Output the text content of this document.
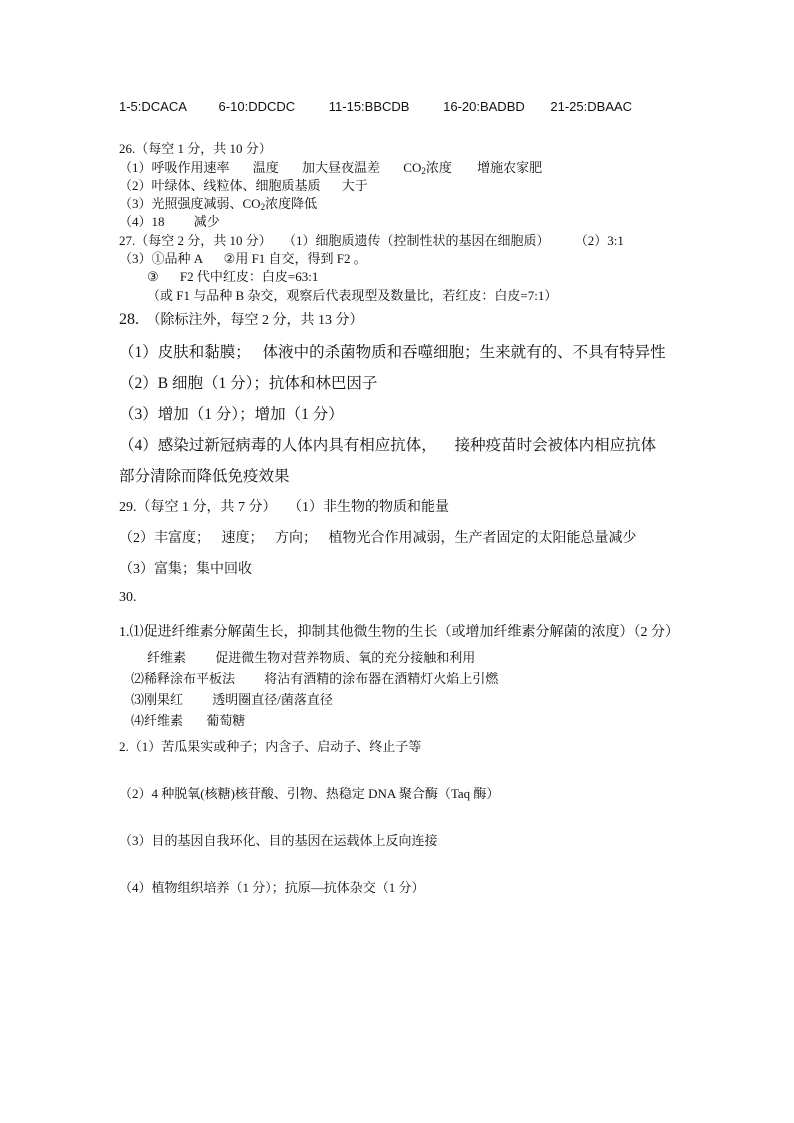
1-5:DCACA 6-10:DDCDC	11-15:BBCDB	16-20:BADBD 21-25:DBAAC
26.（每空 1 分，共 10 分）
（1）呼吸作用速率 温度 加大昼夜温差 $CO_2$浓度 增施农家肥
（2）叶绿体、线粒体、细胞质基质 大于
（3）光照强度减弱、$CO_2$浓度降低
（4）18 减少
27.（每空 2 分，共 10 分） （1）细胞质遗传（控制性状的基因在细胞质） （2）3:1
（3）①品种 A ②用 F1 自交，得到 F2 。
③ F2 代中红皮：白皮=63:1
（或 F1 与品种 B 杂交，观察后代表现型及数量比，若红皮：白皮=7:1）
28. （除标注外，每空 2 分，共 13 分）
（1）皮肤和黏膜； 体液中的杀菌物质和吞噬细胞；生来就有的、不具有特异性
（2）B 细胞（1 分）；抗体和林巴因子
（3）增加（1 分）；增加（1 分）
（4）感染过新冠病毒的人体内具有相应抗体， 接种疫苗时会被体内相应抗体
部分清除而降低免疫效果
29.（每空 1 分，共 7 分） （1）非生物的物质和能量
（2）丰富度； 速度； 方向； 植物光合作用减弱，生产者固定的太阳能总量减少
（3）富集；集中回收
30.
1.⑴促进纤维素分解菌生长，抑制其他微生物的生长（或增加纤维素分解菌的浓度）（2 分）
纤维素 促进微生物对营养物质、氧的充分接触和利用
⑵稀释涂布平板法 将沾有酒精的涂布器在酒精灯火焰上引燃
⑶刚果红 透明圈直径/菌落直径
⑷纤维素 葡萄糖
2.（1）苦瓜果实或种子；内含子、启动子、终止子等
（2）4 种脱氧(核糖)核苷酸、引物、热稳定 DNA 聚合酶（Taq 酶）
（3）目的基因自我环化、目的基因在运载体上反向连接
（4）植物组织培养（1 分）；抗原—抗体杂交（1 分）
